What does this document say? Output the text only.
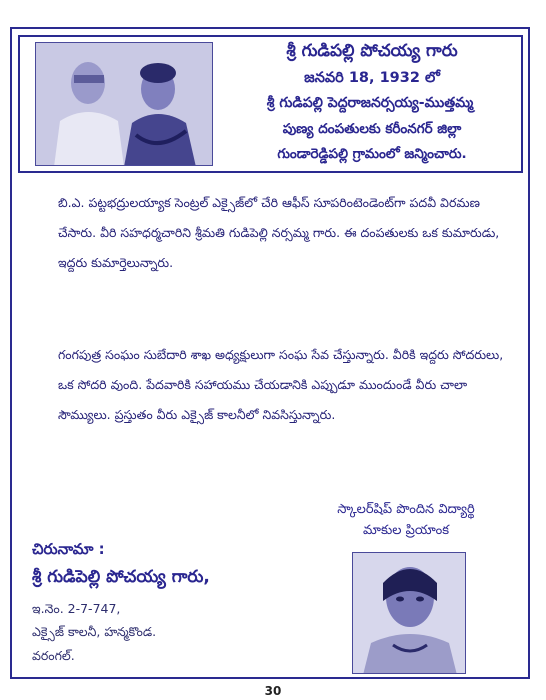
శ్రీ గుడిపల్లి పోచయ్య గారు
జనవరి 18, 1932 లో
శ్రీ గుడిపల్లి పెద్దరాజనర్సయ్య-ముత్తమ్మ
పుణ్య దంపతులకు కరీంనగర్ జిల్లా
గుండారెడ్డిపల్లి గ్రామంలో జన్మించారు.

బి.ఎ. పట్టభద్రులయ్యాక సెంట్రల్ ఎక్సైజ్‌లో చేరి ఆఫీస్ సూపరింటెండెంట్‌గా పదవీ విరమణ చేసారు. వీరి సహధర్మచారిని శ్రీమతి గుడిపెల్లి నర్సమ్మ గారు. ఈ దంపతులకు ఒక కుమారుడు, ఇద్దరు కుమార్తెలున్నారు.

గంగపుత్ర సంఘం సుబేదారి శాఖ అధ్యక్షులుగా సంఘ సేవ చేస్తున్నారు. వీరికి ఇద్దరు సోదరులు, ఒక సోదరి వుంది. పేదవారికి సహాయము చేయడానికి ఎప్పుడూ ముందుండే వీరు చాలా సౌమ్యులు. ప్రస్తుతం వీరు ఎక్సైజ్ కాలనీలో నివసిస్తున్నారు.

స్కాలర్‌షిప్ పొందిన విద్యార్థి
మాకుల ప్రియాంక
చిరునామా :
శ్రీ గుడిపెల్లి పోచయ్య గారు,
ఇ.నెం. 2-7-747,
ఎక్సైజ్ కాలనీ, హన్మకొండ.
వరంగల్.
30
